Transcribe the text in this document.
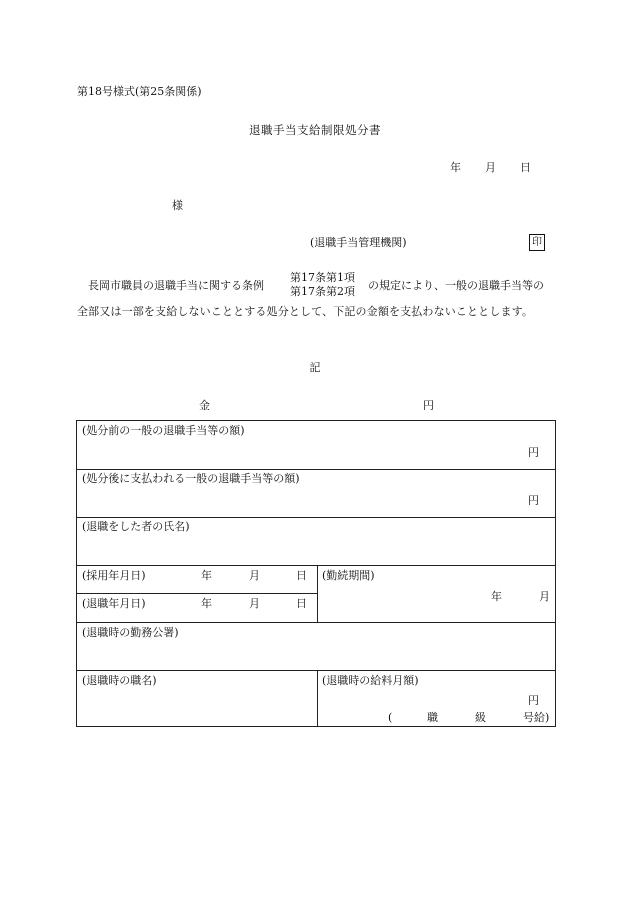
第18号様式(第25条関係)
退職手当支給制限処分書
年 月 日
様
(退職手当管理機関)	印
長岡市職員の退職手当に関する条例
第17条第1項
第17条第2項 の規定により、一般の退職手当等の
全部又は一部を支給しないこととする処分として、下記の金額を支払わないこととします。
記
金	円
(処分前の一般の退職手当等の額)
円
(処分後に支払われる一般の退職手当等の額)
円
(退職をした者の氏名)
(採用年月日)	年	月	日
(退職年月日)	年	月	日
(勤続期間)
年	月
(退職時の勤務公署)
(退職時の職名)	(退職時の給料月額)
円
(	職	級	号給)
